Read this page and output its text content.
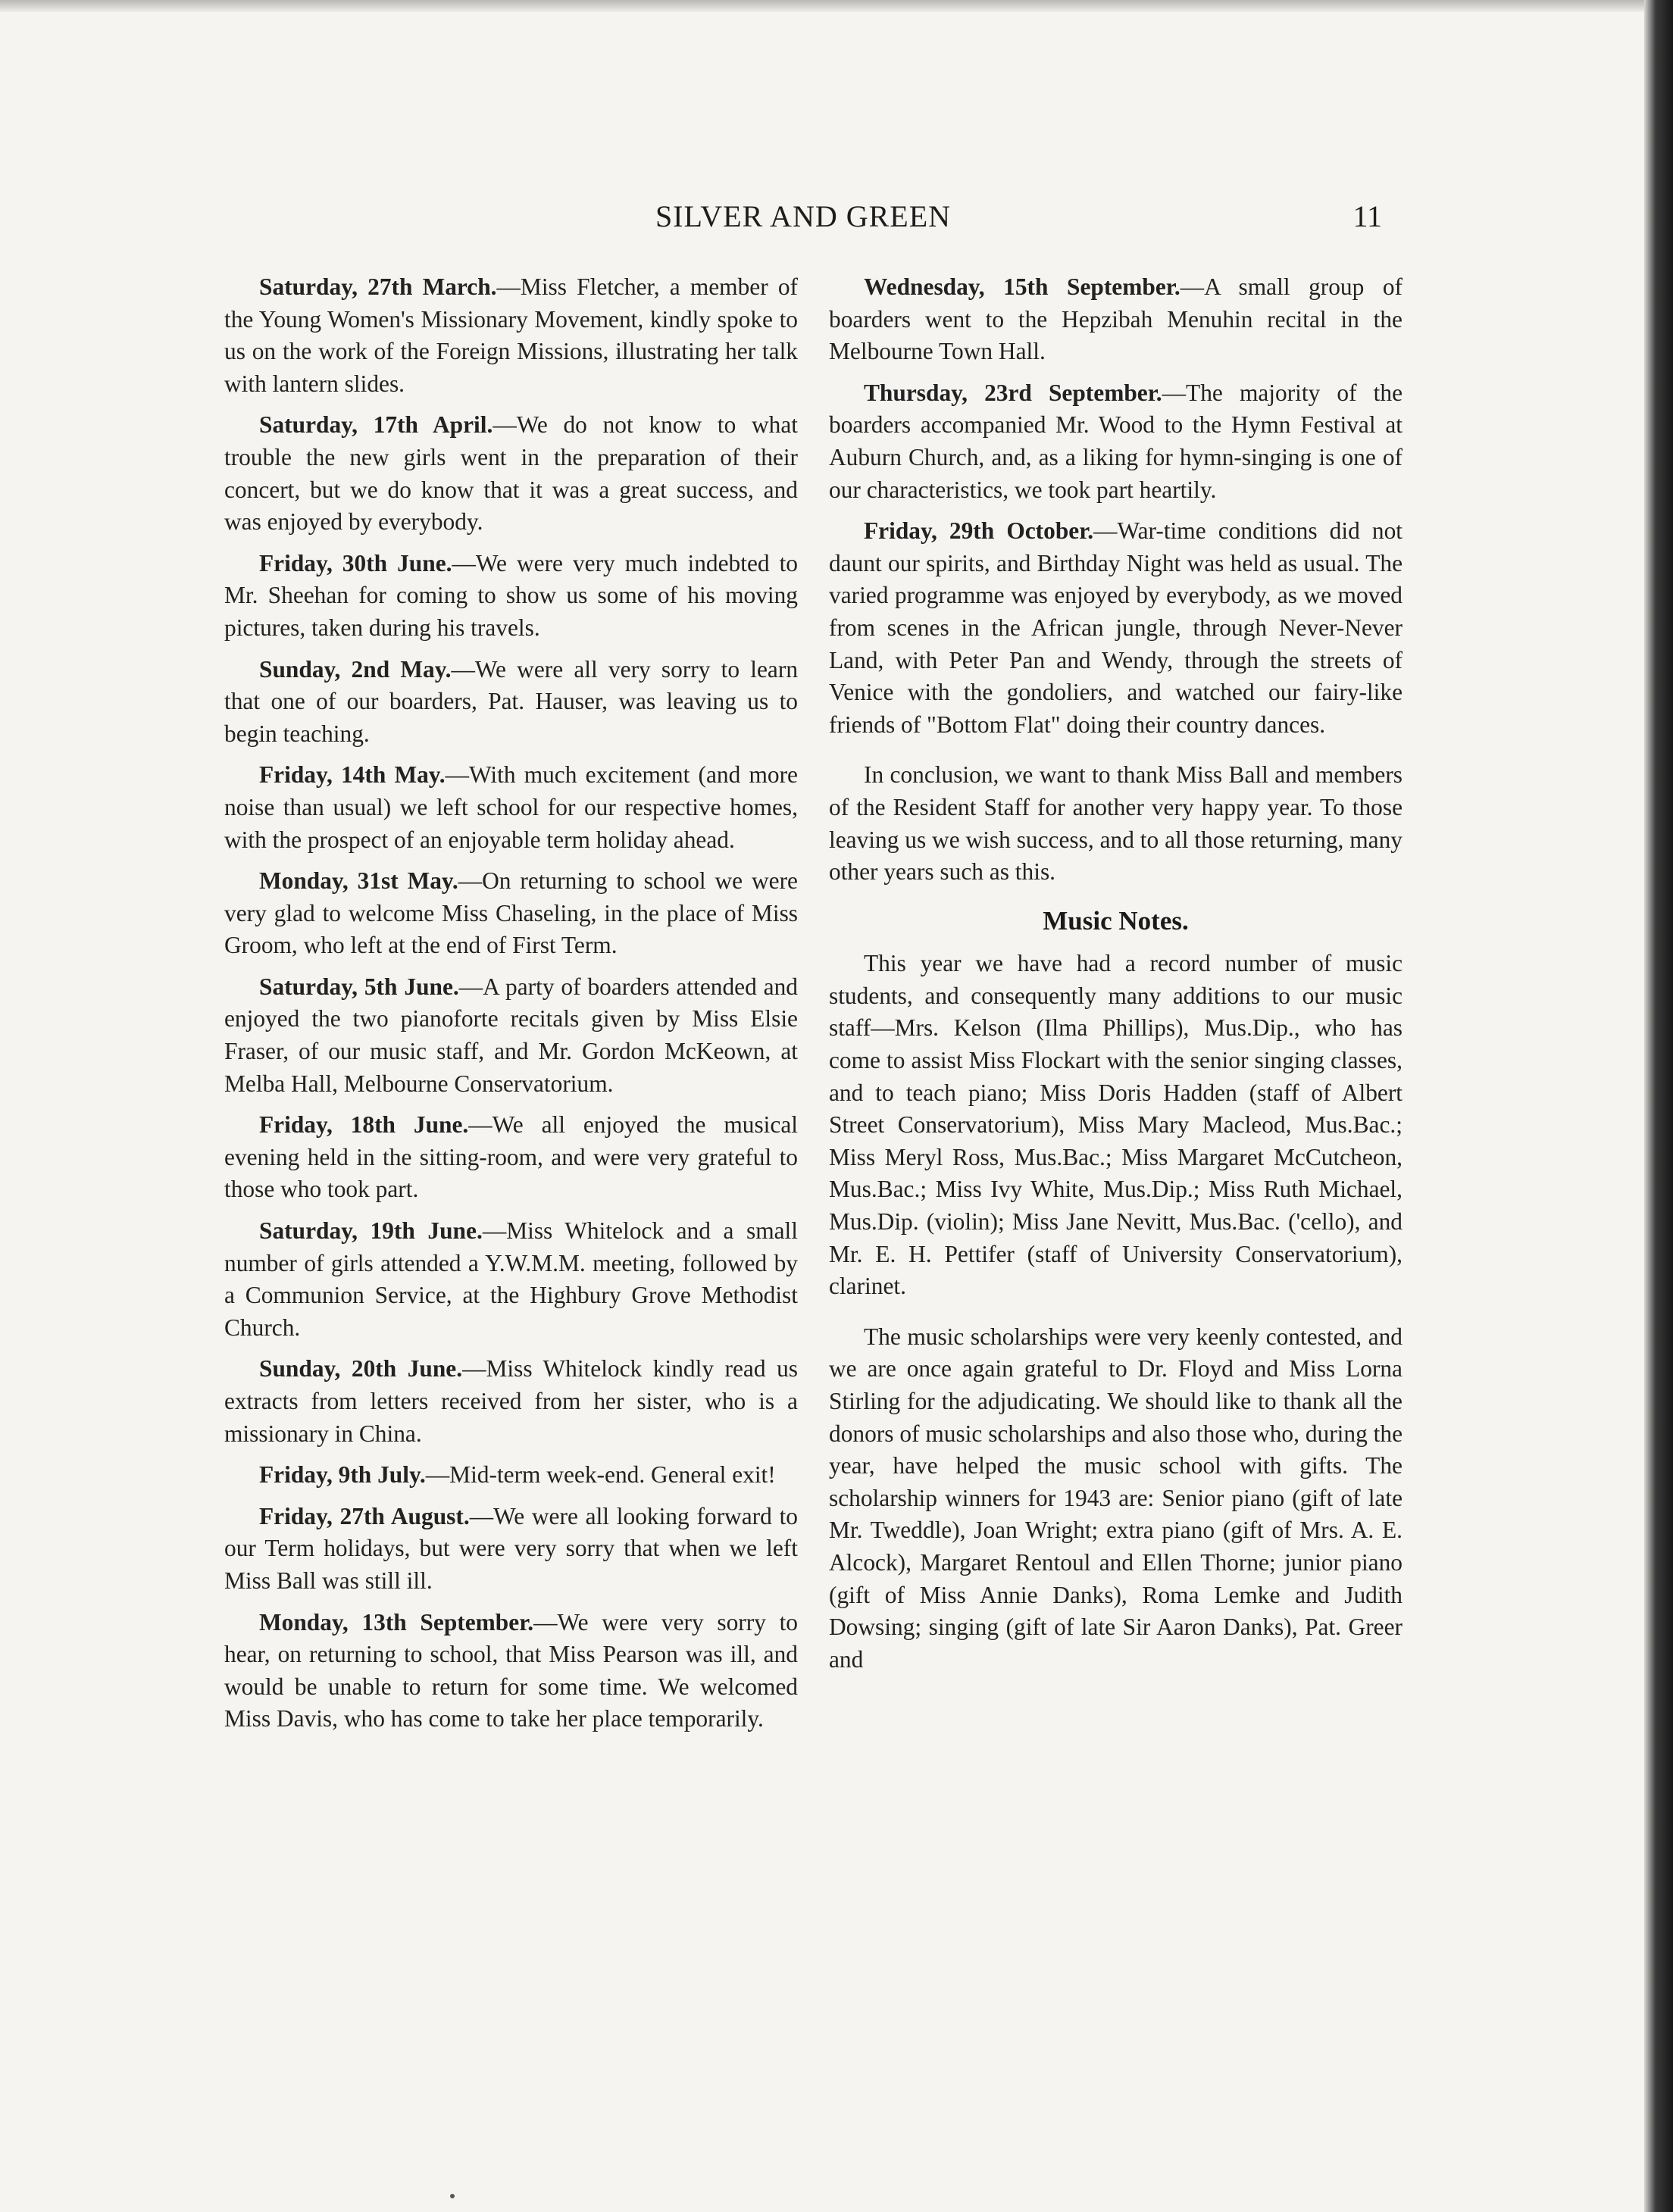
SILVER AND GREEN	11

Saturday, 27th March.—Miss Fletcher, a member of the Young Women's Missionary Movement, kindly spoke to us on the work of the Foreign Missions, illustrating her talk with lantern slides.

Saturday, 17th April.—We do not know to what trouble the new girls went in the preparation of their concert, but we do know that it was a great success, and was enjoyed by everybody.

Friday, 30th June.—We were very much indebted to Mr. Sheehan for coming to show us some of his moving pictures, taken during his travels.

Sunday, 2nd May.—We were all very sorry to learn that one of our boarders, Pat. Hauser, was leaving us to begin teaching.

Friday, 14th May.—With much excitement (and more noise than usual) we left school for our respective homes, with the prospect of an enjoyable term holiday ahead.

Monday, 31st May.—On returning to school we were very glad to welcome Miss Chaseling, in the place of Miss Groom, who left at the end of First Term.

Saturday, 5th June.—A party of boarders attended and enjoyed the two pianoforte recitals given by Miss Elsie Fraser, of our music staff, and Mr. Gordon McKeown, at Melba Hall, Melbourne Conservatorium.

Friday, 18th June.—We all enjoyed the musical evening held in the sitting-room, and were very grateful to those who took part.

Saturday, 19th June.—Miss Whitelock and a small number of girls attended a Y.W.M.M. meeting, followed by a Communion Service, at the Highbury Grove Methodist Church.

Sunday, 20th June.—Miss Whitelock kindly read us extracts from letters received from her sister, who is a missionary in China.

Friday, 9th July.—Mid-term week-end. General exit!

Friday, 27th August.—We were all looking forward to our Term holidays, but were very sorry that when we left Miss Ball was still ill.

Monday, 13th September.—We were very sorry to hear, on returning to school, that Miss Pearson was ill, and would be unable to return for some time. We welcomed Miss Davis, who has come to take her place temporarily.

Wednesday, 15th September.—A small group of boarders went to the Hepzibah Menuhin recital in the Melbourne Town Hall.

Thursday, 23rd September.—The majority of the boarders accompanied Mr. Wood to the Hymn Festival at Auburn Church, and, as a liking for hymn-singing is one of our characteristics, we took part heartily.

Friday, 29th October.—War-time conditions did not daunt our spirits, and Birthday Night was held as usual. The varied programme was enjoyed by everybody, as we moved from scenes in the African jungle, through Never-Never Land, with Peter Pan and Wendy, through the streets of Venice with the gondoliers, and watched our fairy-like friends of "Bottom Flat" doing their country dances.

In conclusion, we want to thank Miss Ball and members of the Resident Staff for another very happy year. To those leaving us we wish success, and to all those returning, many other years such as this.

Music Notes.

This year we have had a record number of music students, and consequently many additions to our music staff—Mrs. Kelson (Ilma Phillips), Mus.Dip., who has come to assist Miss Flockart with the senior singing classes, and to teach piano; Miss Doris Hadden (staff of Albert Street Conservatorium), Miss Mary Macleod, Mus.Bac.; Miss Meryl Ross, Mus.Bac.; Miss Margaret McCutcheon, Mus.Bac.; Miss Ivy White, Mus.Dip.; Miss Ruth Michael, Mus.Dip. (violin); Miss Jane Nevitt, Mus.Bac. ('cello), and Mr. E. H. Pettifer (staff of University Conservatorium), clarinet.

The music scholarships were very keenly contested, and we are once again grateful to Dr. Floyd and Miss Lorna Stirling for the adjudicating. We should like to thank all the donors of music scholarships and also those who, during the year, have helped the music school with gifts. The scholarship winners for 1943 are: Senior piano (gift of late Mr. Tweddle), Joan Wright; extra piano (gift of Mrs. A. E. Alcock), Margaret Rentoul and Ellen Thorne; junior piano (gift of Miss Annie Danks), Roma Lemke and Judith Dowsing; singing (gift of late Sir Aaron Danks), Pat. Greer and
